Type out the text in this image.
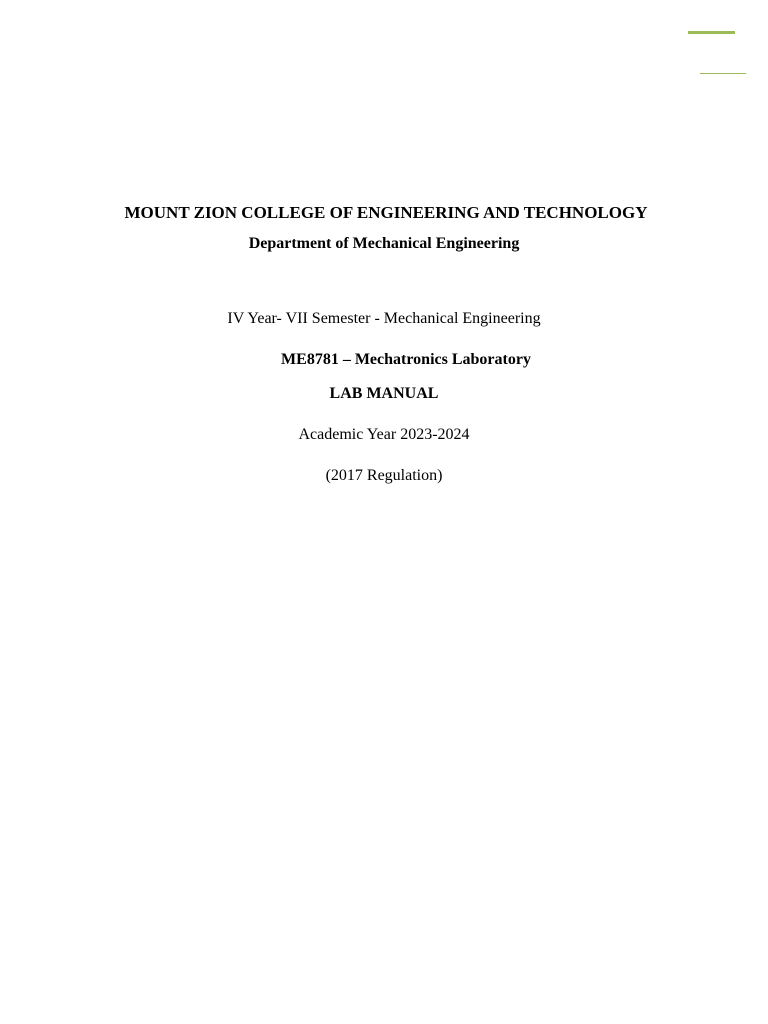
MOUNT ZION COLLEGE OF ENGINEERING AND TECHNOLOGY
Department of Mechanical Engineering
IV Year- VII Semester - Mechanical Engineering
ME8781 – Mechatronics Laboratory
LAB MANUAL
Academic Year 2023-2024
(2017 Regulation)
